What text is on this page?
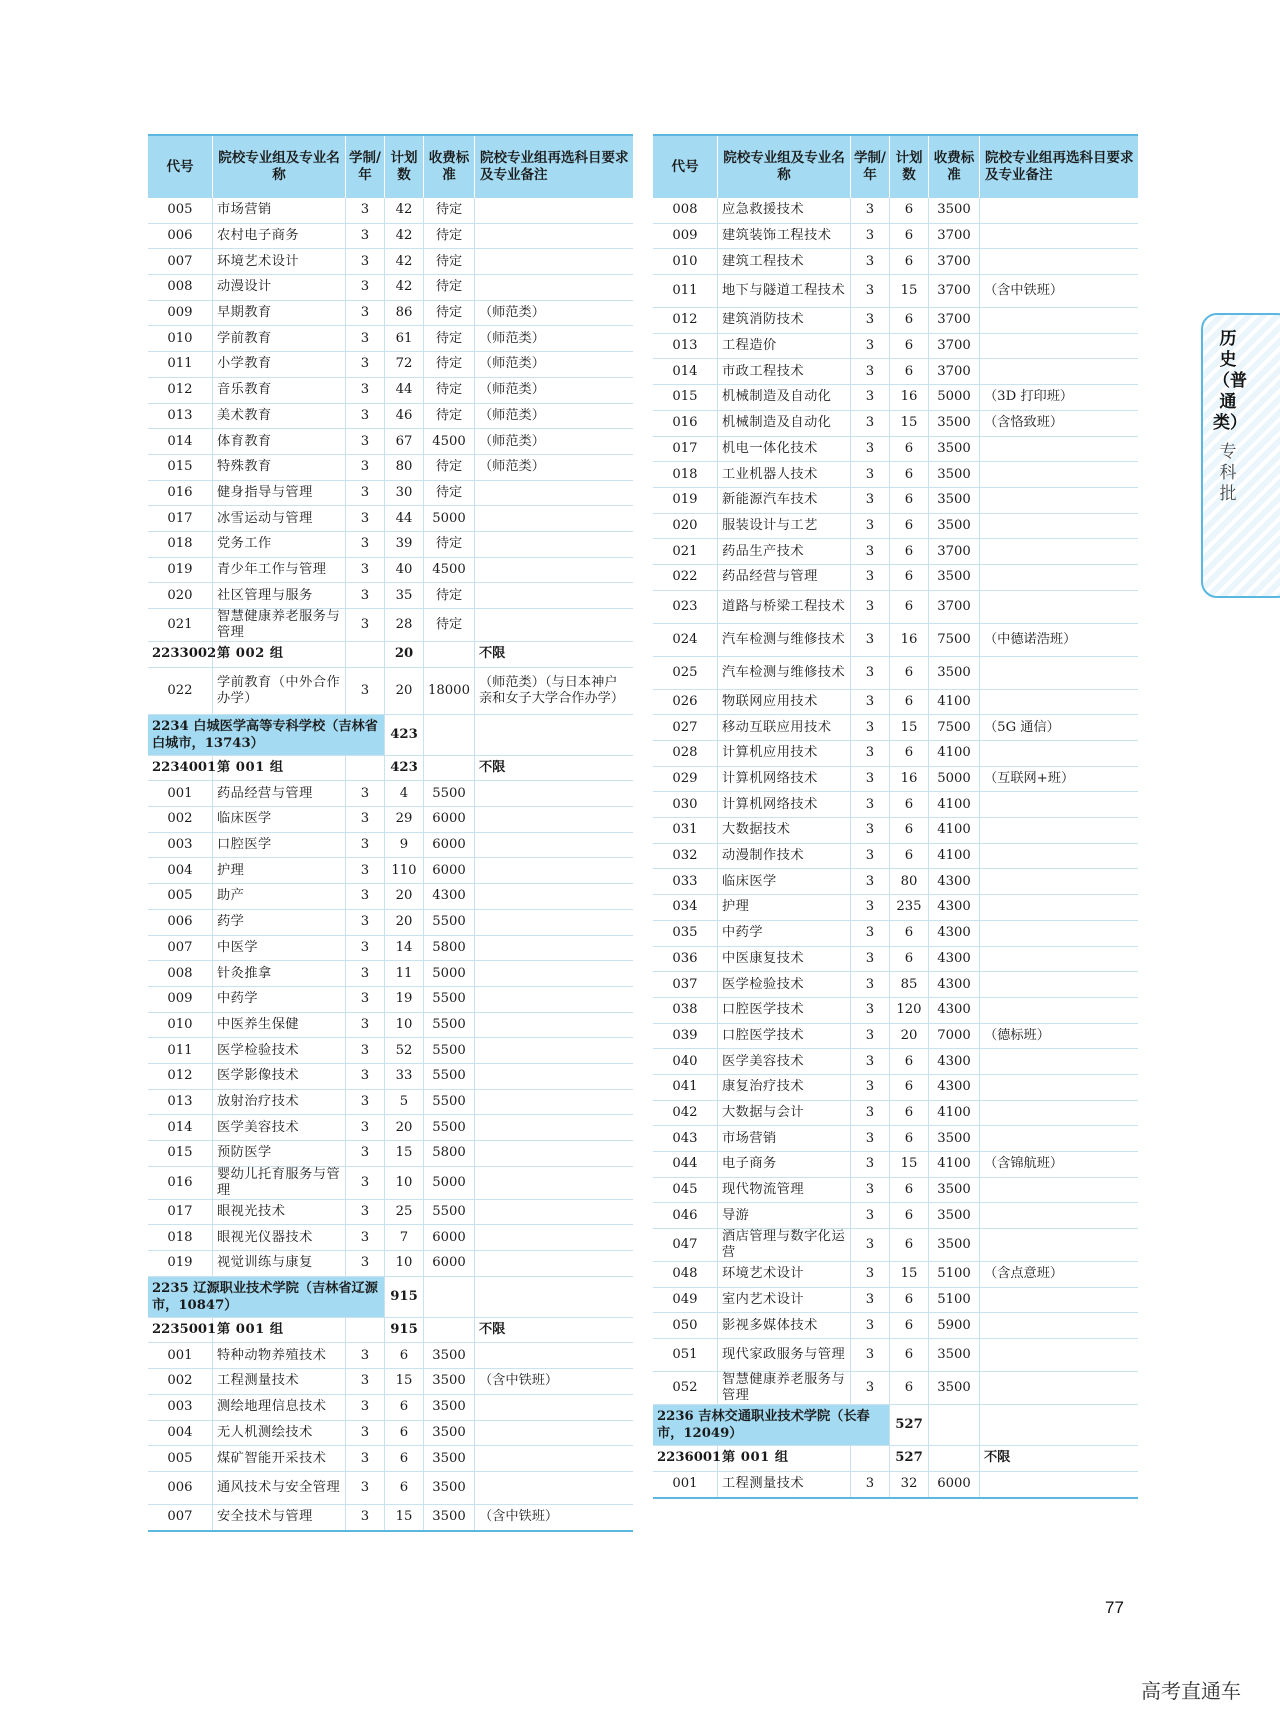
代号	院校专业组及专业名称	学制/年	计划数	收费标准	院校专业组再选科目要求及专业备注
005	市场营销	3	42	待定	
006	农村电子商务	3	42	待定	
007	环境艺术设计	3	42	待定	
008	动漫设计	3	42	待定	
009	早期教育	3	86	待定	（师范类）
010	学前教育	3	61	待定	（师范类）
011	小学教育	3	72	待定	（师范类）
012	音乐教育	3	44	待定	（师范类）
013	美术教育	3	46	待定	（师范类）
014	体育教育	3	67	4500	（师范类）
015	特殊教育	3	80	待定	（师范类）
016	健身指导与管理	3	30	待定	
017	冰雪运动与管理	3	44	5000	
018	党务工作	3	39	待定	
019	青少年工作与管理	3	40	4500	
020	社区管理与服务	3	35	待定	
021	智慧健康养老服务与管理	3	28	待定	
2233002	第 002 组		20		不限
022	学前教育（中外合作办学）	3	20	18000	（师范类）（与日本神户亲和女子大学合作办学）
2234 白城医学高等专科学校（吉林省白城市，13743）			423		
2234001	第 001 组		423		不限
001	药品经营与管理	3	4	5500	
002	临床医学	3	29	6000	
003	口腔医学	3	9	6000	
004	护理	3	110	6000	
005	助产	3	20	4300	
006	药学	3	20	5500	
007	中医学	3	14	5800	
008	针灸推拿	3	11	5000	
009	中药学	3	19	5500	
010	中医养生保健	3	10	5500	
011	医学检验技术	3	52	5500	
012	医学影像技术	3	33	5500	
013	放射治疗技术	3	5	5500	
014	医学美容技术	3	20	5500	
015	预防医学	3	15	5800	
016	婴幼儿托育服务与管理	3	10	5000	
017	眼视光技术	3	25	5500	
018	眼视光仪器技术	3	7	6000	
019	视觉训练与康复	3	10	6000	
2235 辽源职业技术学院（吉林省辽源市，10847）			915		
2235001	第 001 组		915		不限
001	特种动物养殖技术	3	6	3500	
002	工程测量技术	3	15	3500	（含中铁班）
003	测绘地理信息技术	3	6	3500	
004	无人机测绘技术	3	6	3500	
005	煤矿智能开采技术	3	6	3500	
006	通风技术与安全管理	3	6	3500	
007	安全技术与管理	3	15	3500	（含中铁班）
代号	院校专业组及专业名称	学制/年	计划数	收费标准	院校专业组再选科目要求及专业备注
008	应急救援技术	3	6	3500	
009	建筑装饰工程技术	3	6	3700	
010	建筑工程技术	3	6	3700	
011	地下与隧道工程技术	3	15	3700	（含中铁班）
012	建筑消防技术	3	6	3700	
013	工程造价	3	6	3700	
014	市政工程技术	3	6	3700	
015	机械制造及自动化	3	16	5000	（3D 打印班）
016	机械制造及自动化	3	15	3500	（含恪致班）
017	机电一体化技术	3	6	3500	
018	工业机器人技术	3	6	3500	
019	新能源汽车技术	3	6	3500	
020	服装设计与工艺	3	6	3500	
021	药品生产技术	3	6	3700	
022	药品经营与管理	3	6	3500	
023	道路与桥梁工程技术	3	6	3700	
024	汽车检测与维修技术	3	16	7500	（中德诺浩班）
025	汽车检测与维修技术	3	6	3500	
026	物联网应用技术	3	6	4100	
027	移动互联应用技术	3	15	7500	（5G 通信）
028	计算机应用技术	3	6	4100	
029	计算机网络技术	3	16	5000	（互联网+班）
030	计算机网络技术	3	6	4100	
031	大数据技术	3	6	4100	
032	动漫制作技术	3	6	4100	
033	临床医学	3	80	4300	
034	护理	3	235	4300	
035	中药学	3	6	4300	
036	中医康复技术	3	6	4300	
037	医学检验技术	3	85	4300	
038	口腔医学技术	3	120	4300	
039	口腔医学技术	3	20	7000	（德标班）
040	医学美容技术	3	6	4300	
041	康复治疗技术	3	6	4300	
042	大数据与会计	3	6	4100	
043	市场营销	3	6	3500	
044	电子商务	3	15	4100	（含锦航班）
045	现代物流管理	3	6	3500	
046	导游	3	6	3500	
047	酒店管理与数字化运营	3	6	3500	
048	环境艺术设计	3	15	5100	（含点意班）
049	室内艺术设计	3	6	5100	
050	影视多媒体技术	3	6	5900	
051	现代家政服务与管理	3	6	3500	
052	智慧健康养老服务与管理	3	6	3500	
2236 吉林交通职业技术学院（长春市，12049）			527		
2236001	第 001 组		527		不限
001	工程测量技术	3	32	6000	
历史（普通类）
专科批
77
高考直通车
